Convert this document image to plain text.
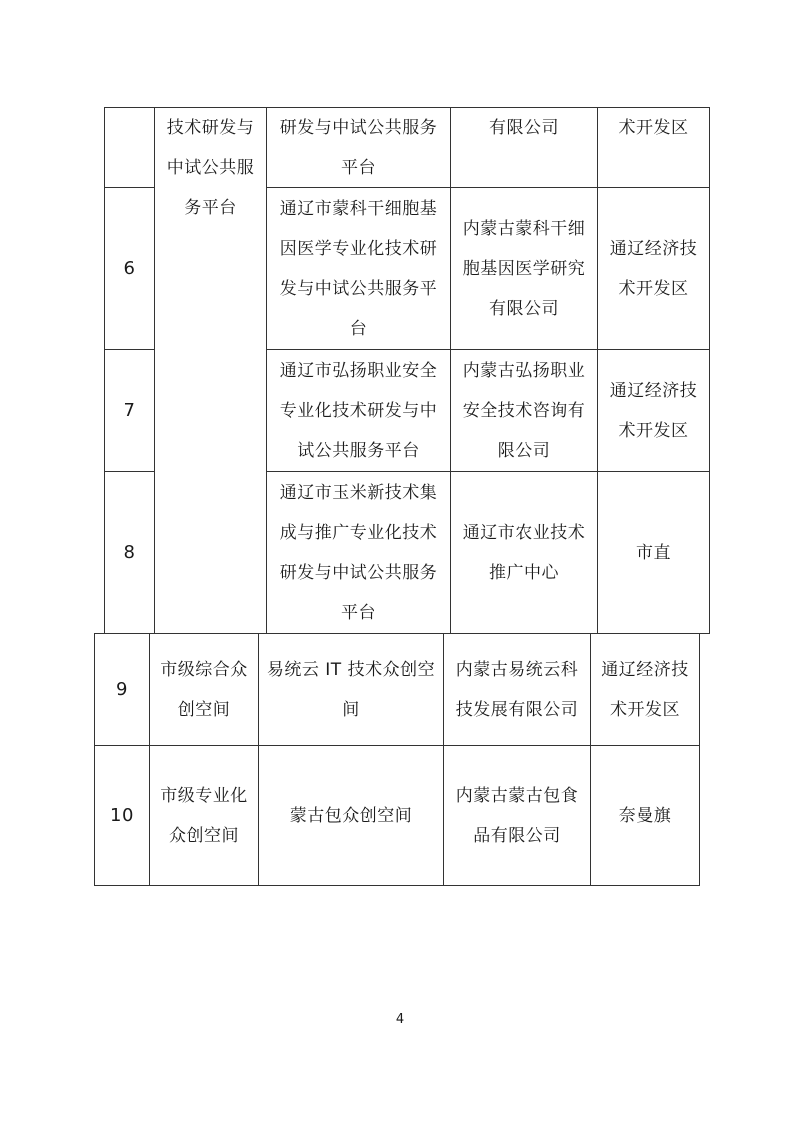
技术研发与
中试公共服
务平台
研发与中试公共服务
平台
有限公司	术开发区
6
通辽市蒙科干细胞基
因医学专业化技术研
发与中试公共服务平
台
内蒙古蒙科干细
胞基因医学研究
有限公司
通辽经济技
术开发区
7
通辽市弘扬职业安全
专业化技术研发与中
试公共服务平台
内蒙古弘扬职业
安全技术咨询有
限公司
通辽经济技
术开发区
8
通辽市玉米新技术集
成与推广专业化技术
研发与中试公共服务
平台
通辽市农业技术
推广中心
市直
9
市级综合众
创空间
易统云 IT 技术众创空
间
内蒙古易统云科
技发展有限公司
通辽经济技
术开发区
10
市级专业化
众创空间
蒙古包众创空间
内蒙古蒙古包食
品有限公司
奈曼旗
4
